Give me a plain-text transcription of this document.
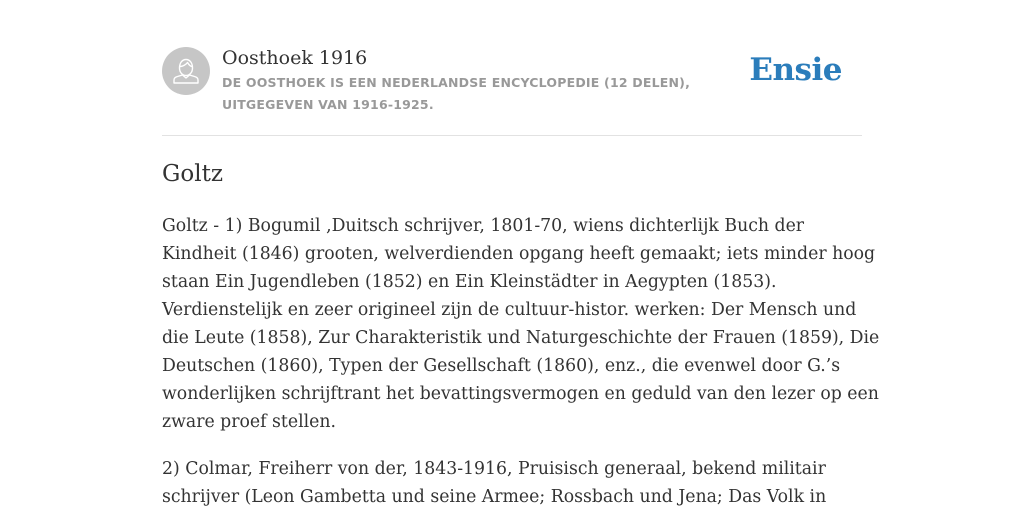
Oosthoek 1916
DE OOSTHOEK IS EEN NEDERLANDSE ENCYCLOPEDIE (12 DELEN), UITGEGEVEN VAN 1916-1925.
Ensie
Goltz

Goltz - 1) Bogumil ,Duitsch schrijver, 1801-70, wiens dichterlijk Buch der
Kindheit (1846) grooten, welverdienden opgang heeft gemaakt; iets minder hoog
staan Ein Jugendleben (1852) en Ein Kleinstädter in Aegypten (1853).
Verdienstelijk en zeer origineel zijn de cultuur-histor. werken: Der Mensch und
die Leute (1858), Zur Charakteristik und Naturgeschichte der Frauen (1859), Die
Deutschen (1860), Typen der Gesellschaft (1860), enz., die evenwel door G.’s
wonderlijken schrijftrant het bevattingsvermogen en geduld van den lezer op een
zware proef stellen.

2) Colmar, Freiherr von der, 1843-1916, Pruisisch generaal, bekend militair
schrijver (Leon Gambetta und seine Armee; Rossbach und Jena; Das Volk in
